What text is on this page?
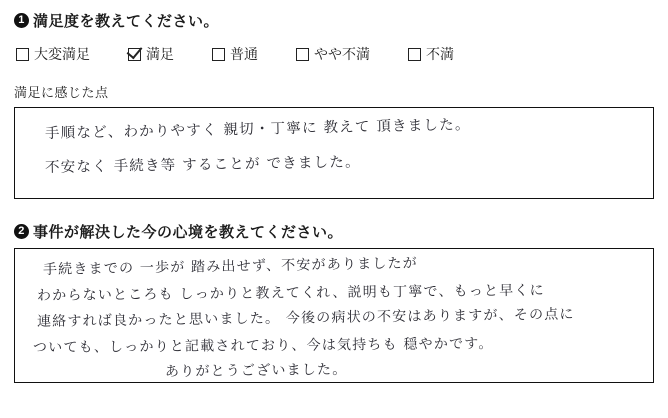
1 満足度を教えてください。
大変満足	満足	普通	やや不満	不満
満足に感じた点
手順など、わかりやすく 親切・丁寧に 教えて 頂きました。
不安なく 手続き等 することが できました。
2 事件が解決した今の心境を教えてください。
手続きまでの 一歩が 踏み出せず、不安がありましたが
わからないところも しっかりと教えてくれ、説明も丁寧で、もっと早くに
連絡すれば良かったと思いました。 今後の病状の不安はありますが、その点に
ついても、しっかりと記載されており、今は気持ちも 穏やかです。
ありがとうございました。
